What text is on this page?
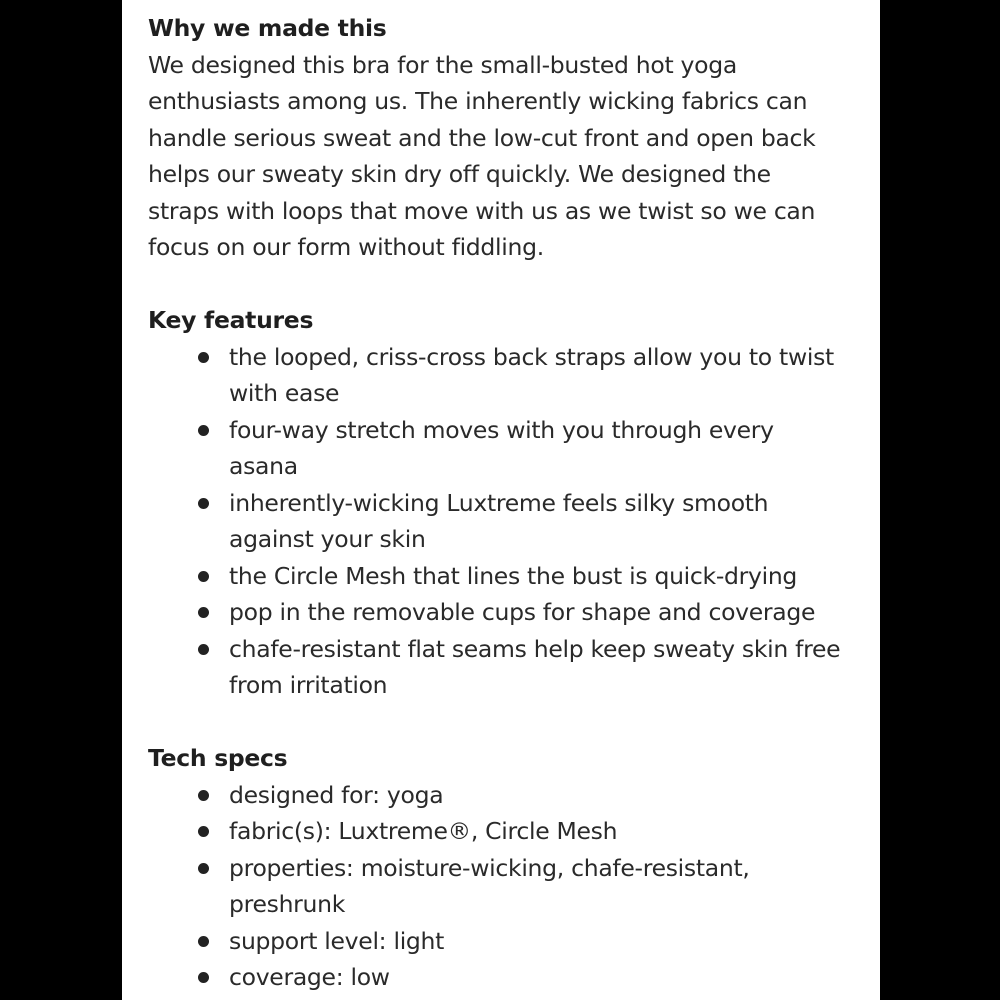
Why we made this

We designed this bra for the small-busted hot yoga
enthusiasts among us. The inherently wicking fabrics can
handle serious sweat and the low-cut front and open back
helps our sweaty skin dry off quickly. We designed the
straps with loops that move with us as we twist so we can
focus on our form without fiddling.

Key features
the looped, criss-cross back straps allow you to twist
with ease
four-way stretch moves with you through every
asana
inherently-wicking Luxtreme feels silky smooth
against your skin
the Circle Mesh that lines the bust is quick-drying
pop in the removable cups for shape and coverage
chafe-resistant flat seams help keep sweaty skin free
from irritation
Tech specs
designed for: yoga
fabric(s): Luxtreme®, Circle Mesh
properties: moisture-wicking, chafe-resistant,
preshrunk
support level: light
coverage: low
